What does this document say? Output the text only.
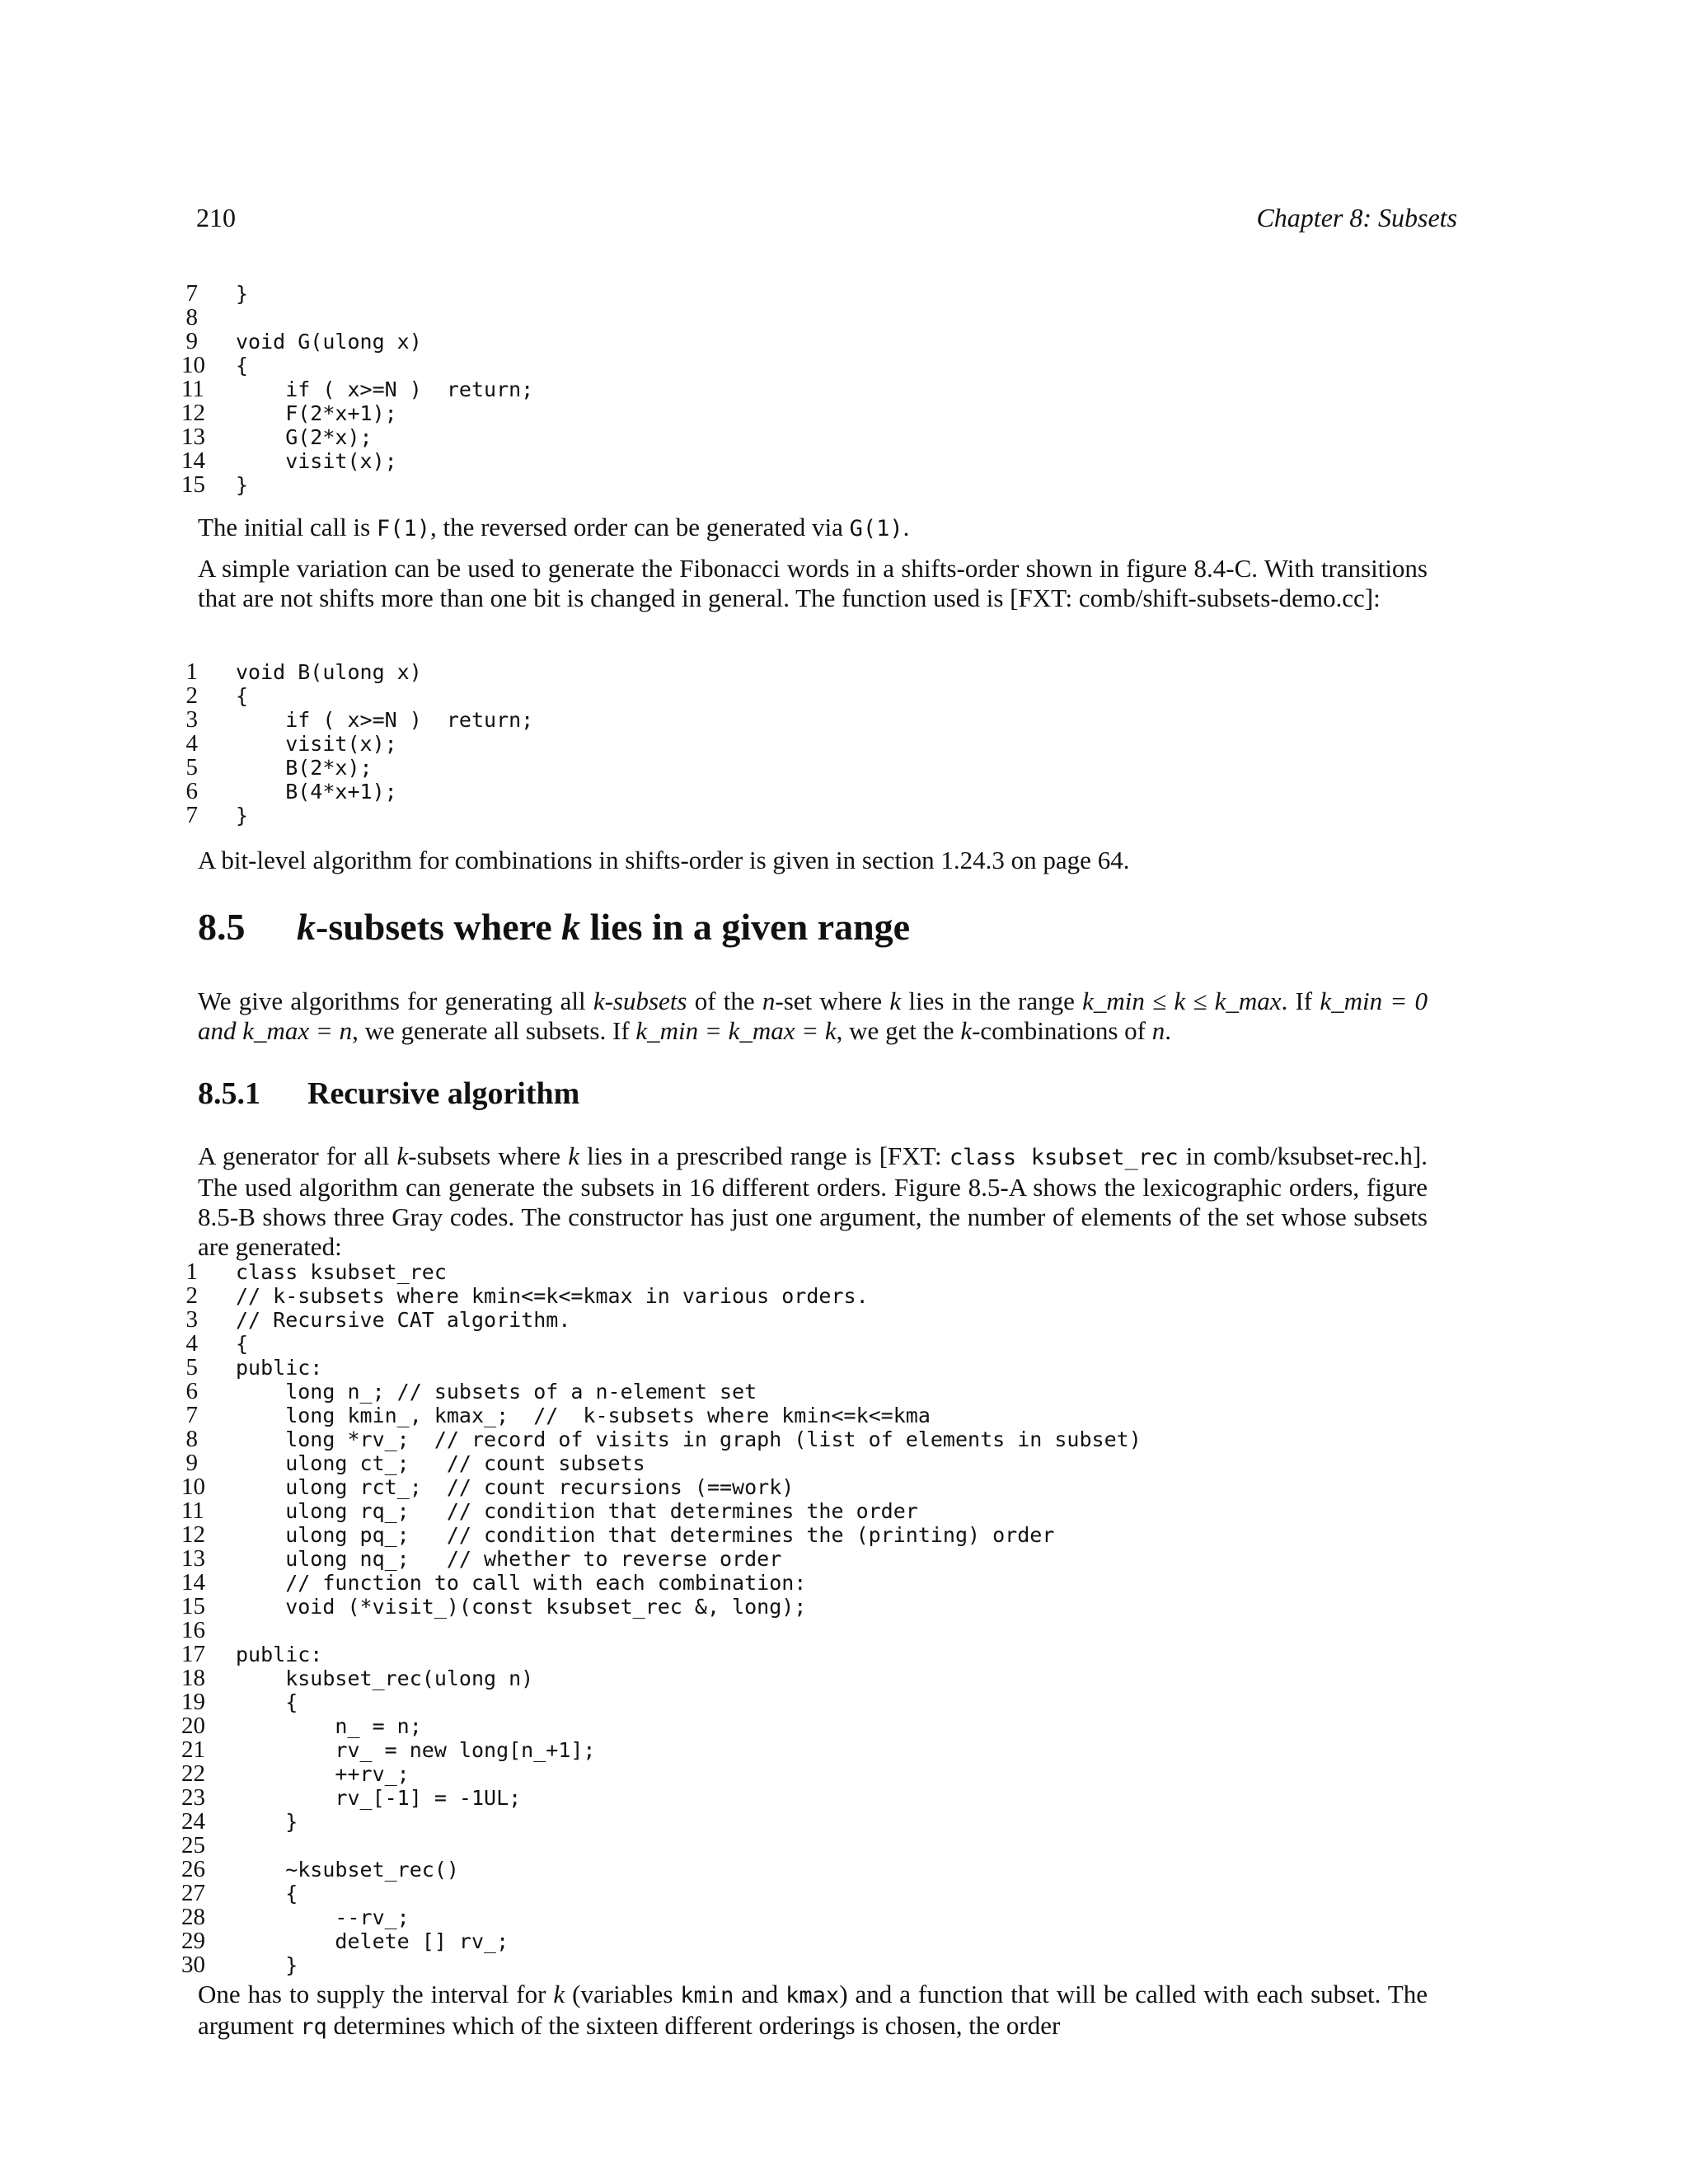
210	Chapter 8: Subsets
7 }
8
9 void G(ulong x)
10 {
11 if ( x>=N )  return;
12 F(2*x+1);
13 G(2*x);
14 visit(x);
15 }
The initial call is F(1), the reversed order can be generated via G(1).
A simple variation can be used to generate the Fibonacci words in a shifts-order shown in figure 8.4-C. With transitions that are not shifts more than one bit is changed in general. The function used is [FXT: comb/shift-subsets-demo.cc]:
1 void B(ulong x)
2 {
3 if ( x>=N )  return;
4 visit(x);
5 B(2*x);
6 B(4*x+1);
7 }
A bit-level algorithm for combinations in shifts-order is given in section 1.24.3 on page 64.
8.5 k-subsets where k lies in a given range
We give algorithms for generating all k-subsets of the n-set where k lies in the range k_min ≤ k ≤ k_max. If k_min = 0 and k_max = n, we generate all subsets. If k_min = k_max = k, we get the k-combinations of n.
8.5.1 Recursive algorithm
A generator for all k-subsets where k lies in a prescribed range is [FXT: class ksubset_rec in comb/ksubset-rec.h]. The used algorithm can generate the subsets in 16 different orders. Figure 8.5-A shows the lexicographic orders, figure 8.5-B shows three Gray codes. The constructor has just one argument, the number of elements of the set whose subsets are generated:
1 class ksubset_rec
2 // k-subsets where kmin<=k<=kmax in various orders.
3 // Recursive CAT algorithm.
4 {
5 public:
6 long n_; // subsets of a n-element set
7 long kmin_, kmax_;  //  k-subsets where kmin<=k<=kma
8 long *rv_;  // record of visits in graph (list of elements in subset)
9 ulong ct_;   // count subsets
10 ulong rct_;  // count recursions (==work)
11 ulong rq_;   // condition that determines the order
12 ulong pq_;   // condition that determines the (printing) order
13 ulong nq_;   // whether to reverse order
14 // function to call with each combination:
15 void (*visit_)(const ksubset_rec &, long);
16
17 public:
18 ksubset_rec(ulong n)
19 {
20 n_ = n;
21 rv_ = new long[n_+1];
22 ++rv_;
23 rv_[-1] = -1UL;
24 }
25
26 ~ksubset_rec()
27 {
28 --rv_;
29 delete [] rv_;
30 }
One has to supply the interval for k (variables kmin and kmax) and a function that will be called with each subset. The argument rq determines which of the sixteen different orderings is chosen, the order
